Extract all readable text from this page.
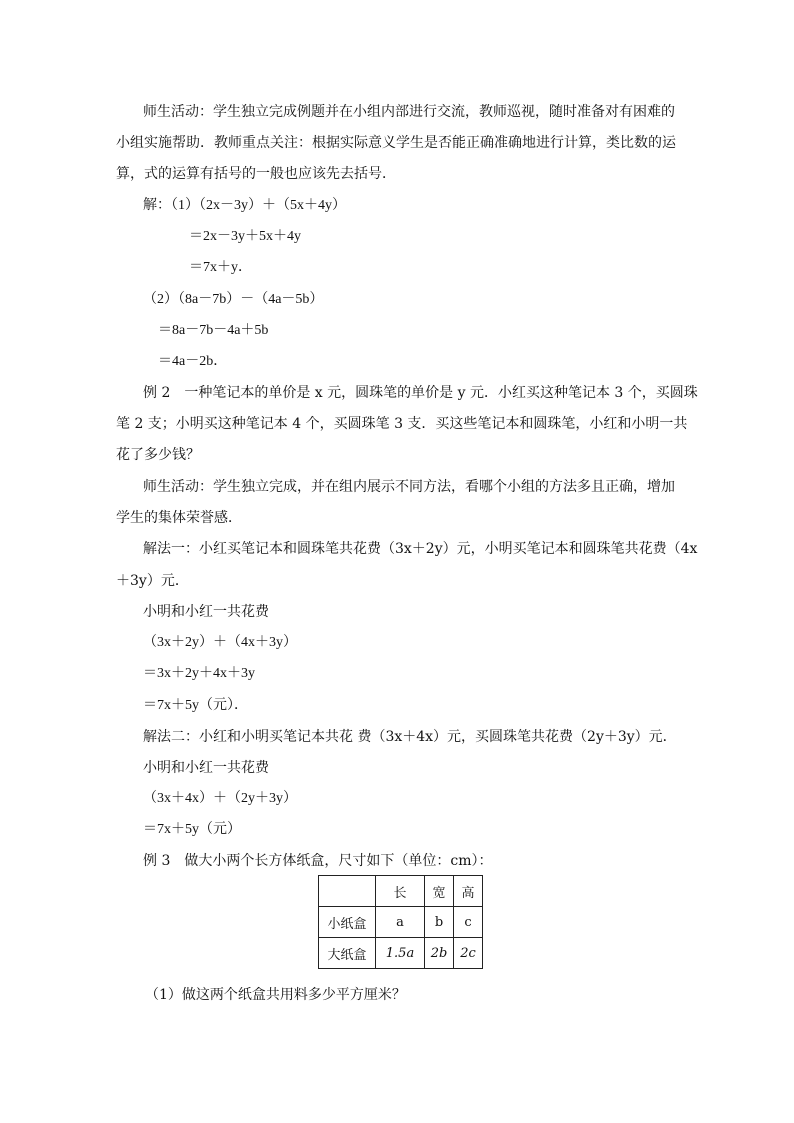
师生活动：学生独立完成例题并在小组内部进行交流，教师巡视，随时准备对有困难的
小组实施帮助．教师重点关注：根据实际意义学生是否能正确准确地进行计算，类比数的运
算，式的运算有括号的一般也应该先去括号．
解：（1）（2x－3y）＋（5x＋4y）
＝2x－3y＋5x＋4y
＝7x＋y．
（2）（8a－7b）－（4a－5b）
＝8a－7b－4a＋5b
＝4a－2b．
例 2　一种笔记本的单价是 x 元，圆珠笔的单价是 y 元．小红买这种笔记本 3 个，买圆珠
笔 2 支；小明买这种笔记本 4 个，买圆珠笔 3 支．买这些笔记本和圆珠笔，小红和小明一共
花了多少钱？
师生活动：学生独立完成，并在组内展示不同方法，看哪个小组的方法多且正确，增加
学生的集体荣誉感．
解法一：小红买笔记本和圆珠笔共花费（3x＋2y）元，小明买笔记本和圆珠笔共花费（4x
＋3y）元．
小明和小红一共花费
（3x＋2y）＋（4x＋3y）
＝3x＋2y＋4x＋3y
＝7x＋5y（元）．
解法二：小红和小明买笔记本共花 费（3x＋4x）元，买圆珠笔共花费（2y＋3y）元．
小明和小红一共花费
（3x＋4x）＋（2y＋3y）
＝7x＋5y（元）
例 3　做大小两个长方体纸盒，尺寸如下（单位：cm）：
	长	宽	高
小纸盒	a	b	c
大纸盒	1.5a	2b	2c
（1）做这两个纸盒共用料多少平方厘米？
